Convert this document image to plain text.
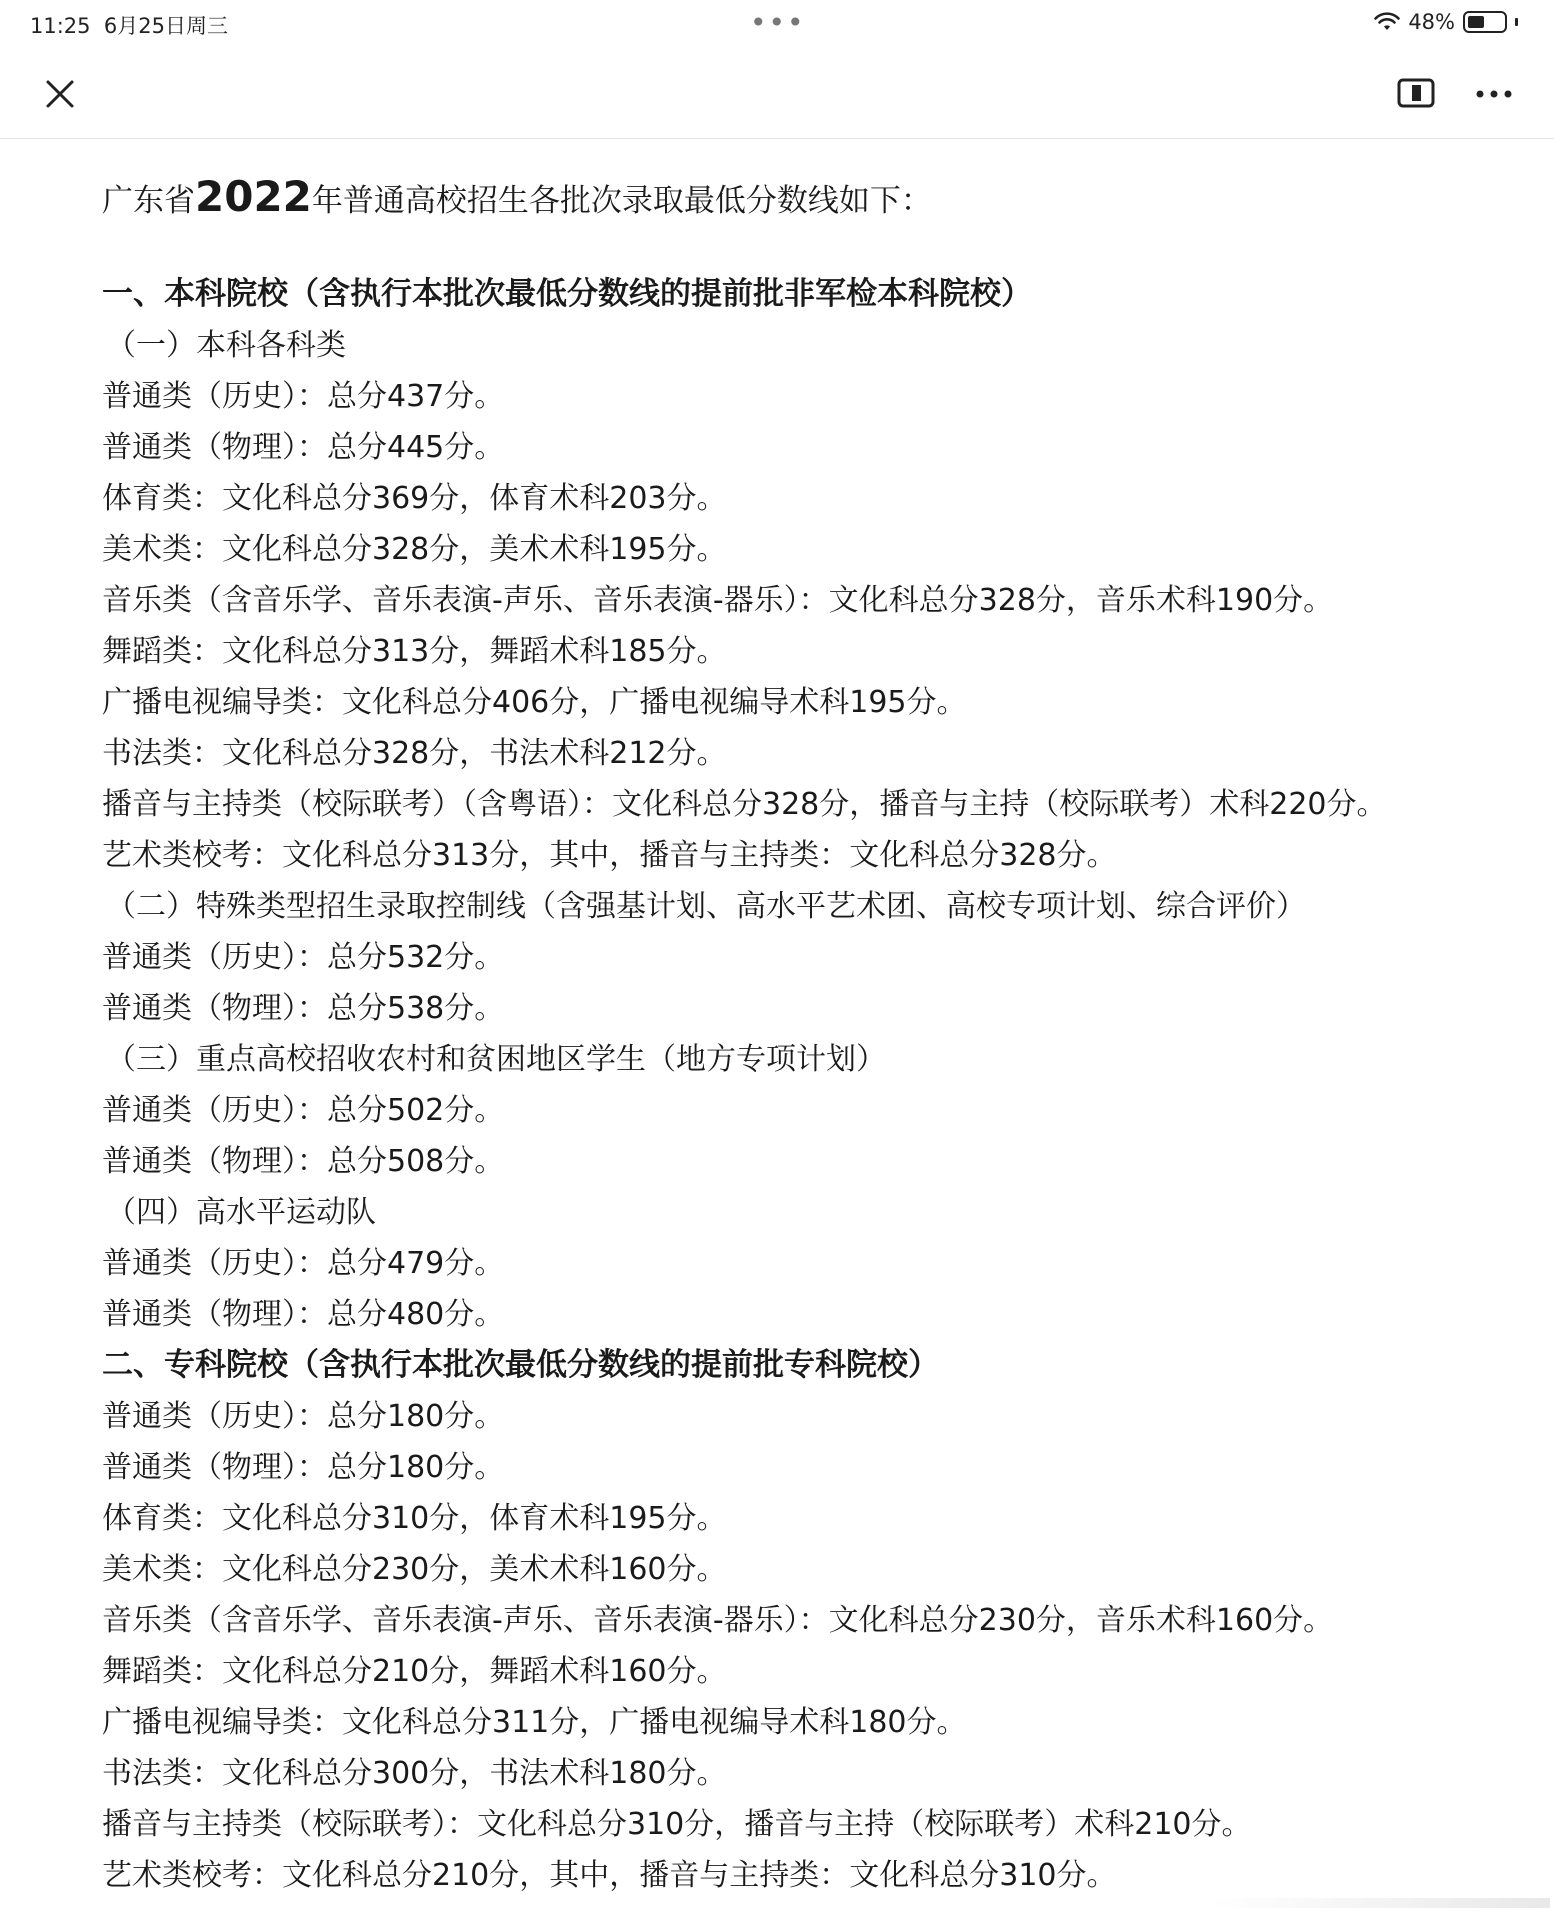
11:25 6月25日周三	•••	48%
广东省2022年普通高校招生各批次录取最低分数线如下：
一、本科院校（含执行本批次最低分数线的提前批非军检本科院校）
（一）本科各科类
普通类（历史）：总分437分。
普通类（物理）：总分445分。
体育类：文化科总分369分，体育术科203分。
美术类：文化科总分328分，美术术科195分。
音乐类（含音乐学、音乐表演-声乐、音乐表演-器乐）：文化科总分328分，音乐术科190分。
舞蹈类：文化科总分313分，舞蹈术科185分。
广播电视编导类：文化科总分406分，广播电视编导术科195分。
书法类：文化科总分328分，书法术科212分。
播音与主持类（校际联考）（含粤语）：文化科总分328分，播音与主持（校际联考）术科220分。
艺术类校考：文化科总分313分，其中，播音与主持类：文化科总分328分。
（二）特殊类型招生录取控制线（含强基计划、高水平艺术团、高校专项计划、综合评价）
普通类（历史）：总分532分。
普通类（物理）：总分538分。
（三）重点高校招收农村和贫困地区学生（地方专项计划）
普通类（历史）：总分502分。
普通类（物理）：总分508分。
（四）高水平运动队
普通类（历史）：总分479分。
普通类（物理）：总分480分。
二、专科院校（含执行本批次最低分数线的提前批专科院校）
普通类（历史）：总分180分。
普通类（物理）：总分180分。
体育类：文化科总分310分，体育术科195分。
美术类：文化科总分230分，美术术科160分。
音乐类（含音乐学、音乐表演-声乐、音乐表演-器乐）：文化科总分230分，音乐术科160分。
舞蹈类：文化科总分210分，舞蹈术科160分。
广播电视编导类：文化科总分311分，广播电视编导术科180分。
书法类：文化科总分300分，书法术科180分。
播音与主持类（校际联考）：文化科总分310分，播音与主持（校际联考）术科210分。
艺术类校考：文化科总分210分，其中，播音与主持类：文化科总分310分。
